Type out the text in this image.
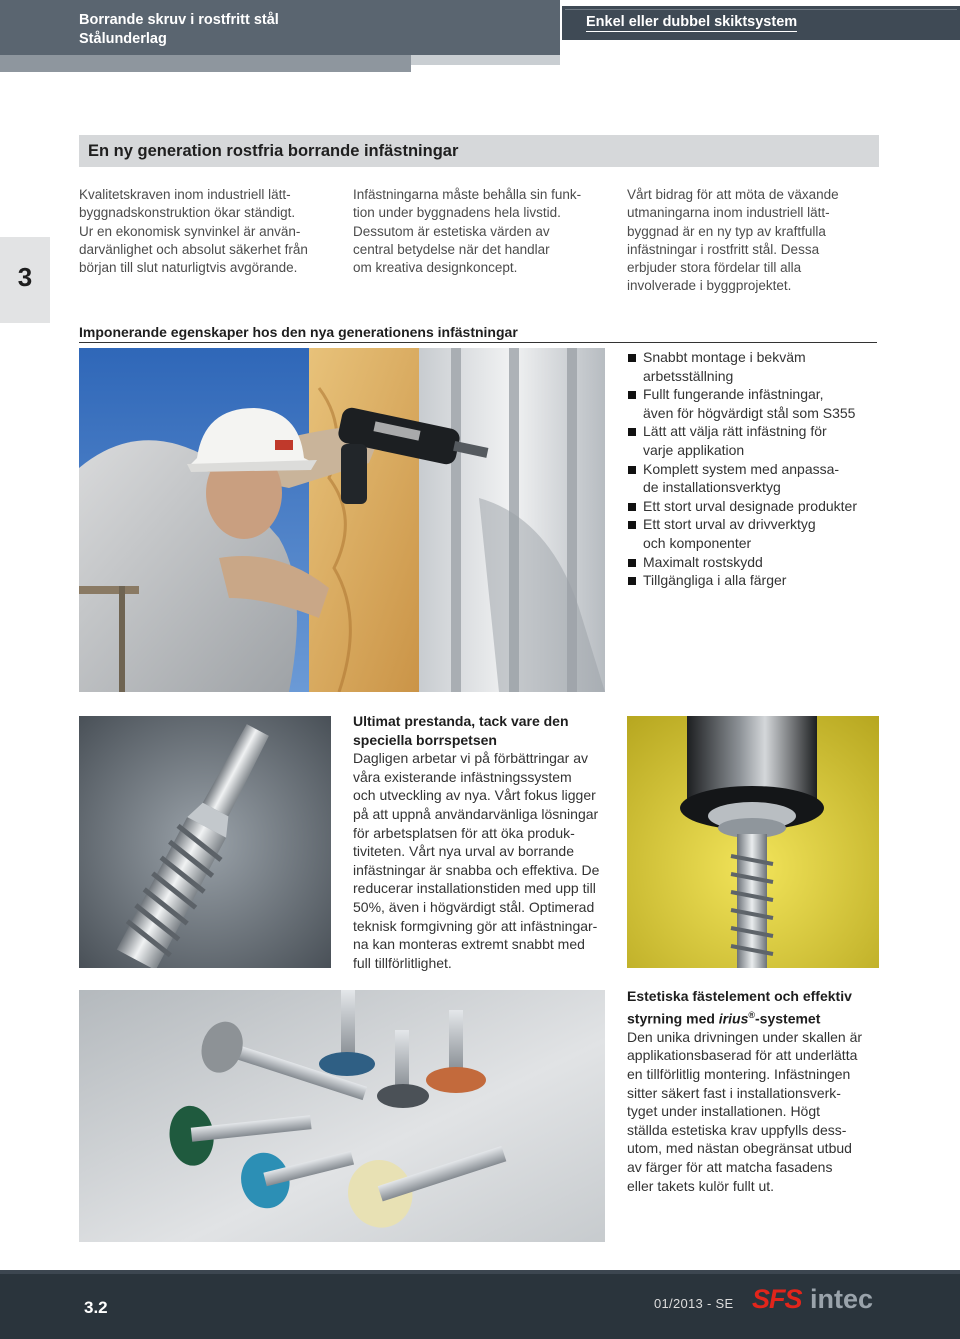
Borrande skruv i rostfritt stål
Stålunderlag
Enkel eller dubbel skiktsystem
En ny generation rostfria borrande infästningar
3
Kvalitetskraven inom industriell lätt-
byggnadskonstruktion ökar ständigt.
Ur en ekonomisk synvinkel är använ-
darvänlighet och absolut säkerhet från
början till slut naturligtvis avgörande.
Infästningarna måste behålla sin funk-
tion under byggnadens hela livstid.
Dessutom är estetiska värden av
central betydelse när det handlar
om kreativa designkoncept.
Vårt bidrag för att möta de växande
utmaningarna inom industriell lätt-
byggnad är en ny typ av kraftfulla
infästningar i rostfritt stål. Dessa
erbjuder stora fördelar till alla
involverade i byggprojektet.
Imponerande egenskaper hos den nya generationens infästningar
Snabbt montage i bekväm
arbetsställning
Fullt fungerande infästningar,
även för högvärdigt stål som S355
Lätt att välja rätt infästning för
varje applikation
Komplett system med anpassa-
de installationsverktyg
Ett stort urval designade produkter
Ett stort urval av drivverktyg
och komponenter
Maximalt rostskydd
Tillgängliga i alla färger
Ultimat prestanda, tack vare den
speciella borrspetsen
Dagligen arbetar vi på förbättringar av
våra existerande infästningssystem
och utveckling av nya. Vårt fokus ligger
på att uppnå användarvänliga lösningar
för arbetsplatsen för att öka produk-
tiviteten. Vårt nya urval av borrande
infästningar är snabba och effektiva. De
reducerar installationstiden med upp till
50%, även i högvärdigt stål. Optimerad
teknisk formgivning gör att infästningar-
na kan monteras extremt snabbt med
full tillförlitlighet.
Estetiska fästelement och effektiv
styrning med irius®-systemet
Den unika drivningen under skallen är
applikationsbaserad för att underlätta
en tillförlitlig montering. Infästningen
sitter säkert fast i installationsverk-
tyget under installationen. Högt
ställda estetiska krav uppfylls dess-
utom, med nästan obegränsat utbud
av färger för att matcha fasadens
eller takets kulör fullt ut.
3.2	01/2013 - SE SFS intec
